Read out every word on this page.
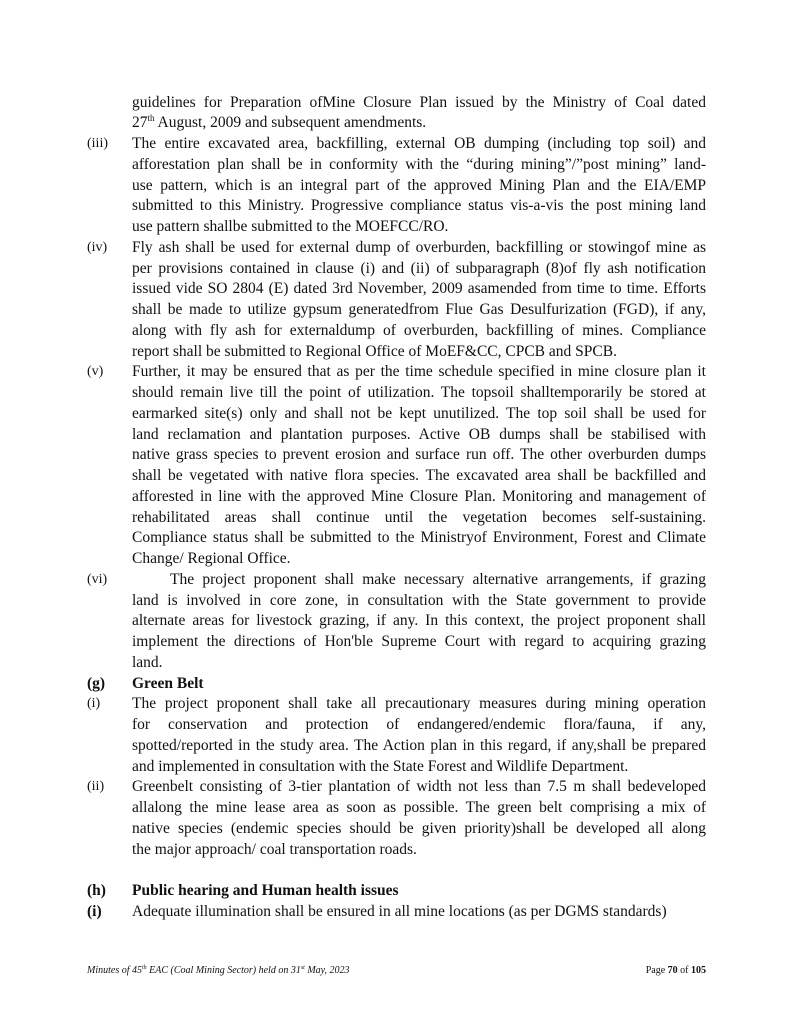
guidelines for Preparation ofMine Closure Plan issued by the Ministry of Coal dated
27th August, 2009 and subsequent amendments.
(iii) The entire excavated area, backfilling, external OB dumping (including top soil) and
afforestation plan shall be in conformity with the “during mining”/”post mining” land-
use pattern, which is an integral part of the approved Mining Plan and the EIA/EMP
submitted to this Ministry. Progressive compliance status vis-a-vis the post mining land
use pattern shallbe submitted to the MOEFCC/RO.
(iv) Fly ash shall be used for external dump of overburden, backfilling or stowingof mine as
per provisions contained in clause (i) and (ii) of subparagraph (8)of fly ash notification
issued vide SO 2804 (E) dated 3rd November, 2009 asamended from time to time. Efforts
shall be made to utilize gypsum generatedfrom Flue Gas Desulfurization (FGD), if any,
along with fly ash for externaldump of overburden, backfilling of mines. Compliance
report shall be submitted to Regional Office of MoEF&CC, CPCB and SPCB.
(v) Further, it may be ensured that as per the time schedule specified in mine closure plan it
should remain live till the point of utilization. The topsoil shalltemporarily be stored at
earmarked site(s) only and shall not be kept unutilized. The top soil shall be used for
land reclamation and plantation purposes. Active OB dumps shall be stabilised with
native grass species to prevent erosion and surface run off. The other overburden dumps
shall be vegetated with native flora species. The excavated area shall be backfilled and
afforested in line with the approved Mine Closure Plan. Monitoring and management of
rehabilitated areas shall continue until the vegetation becomes self-sustaining.
Compliance status shall be submitted to the Ministryof Environment, Forest and Climate
Change/ Regional Office.
(vi)	The project proponent shall make necessary alternative arrangements, if grazing
land is involved in core zone, in consultation with the State government to provide
alternate areas for livestock grazing, if any. In this context, the project proponent shall
implement the directions of Hon'ble Supreme Court with regard to acquiring grazing
land.
(g) Green Belt
(i) The project proponent shall take all precautionary measures during mining operation
for conservation and protection of endangered/endemic flora/fauna, if any,
spotted/reported in the study area. The Action plan in this regard, if any,shall be prepared
and implemented in consultation with the State Forest and Wildlife Department.
(ii) Greenbelt consisting of 3-tier plantation of width not less than 7.5 m shall bedeveloped
allalong the mine lease area as soon as possible. The green belt comprising a mix of
native species (endemic species should be given priority)shall be developed all along
the major approach/ coal transportation roads.
(h) Public hearing and Human health issues
(i) Adequate illumination shall be ensured in all mine locations (as per DGMS standards)
Minutes of 45th EAC (Coal Mining Sector) held on 31st May, 2023	Page 70 of 105
